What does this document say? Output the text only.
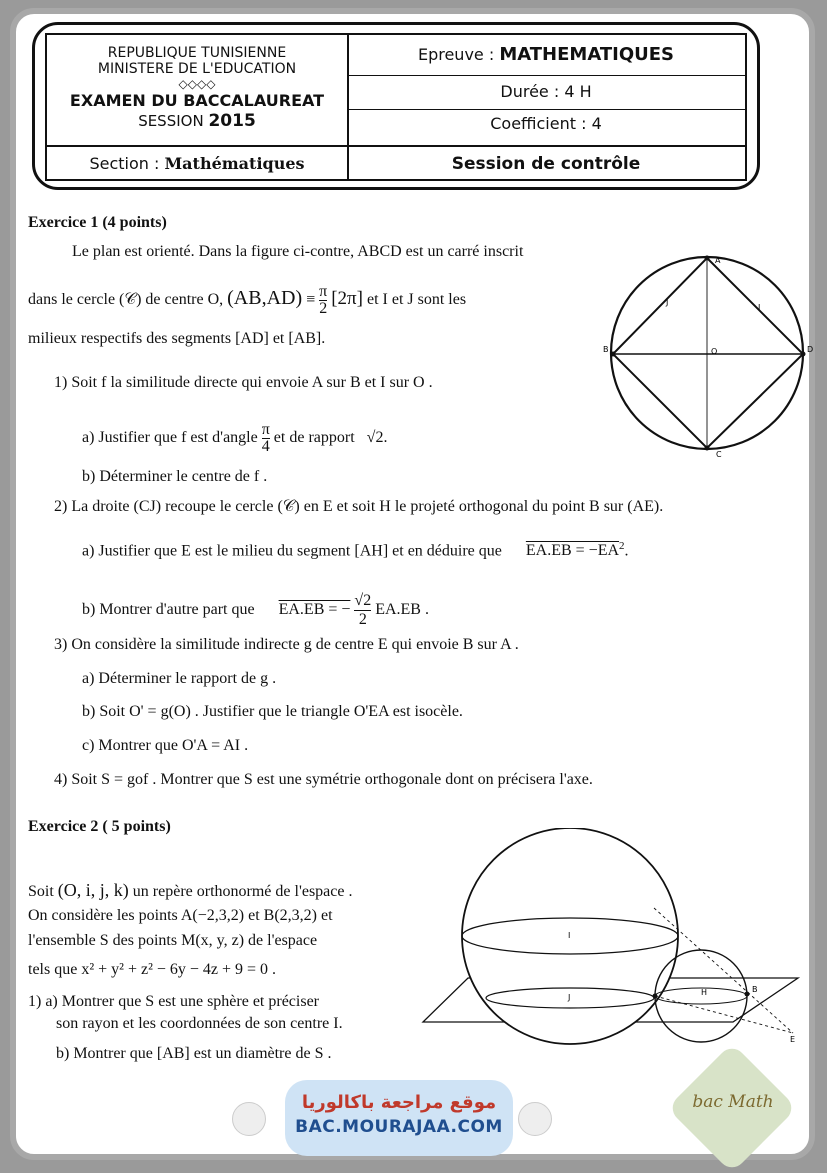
REPUBLIQUE TUNISIENNE
MINISTERE DE L'EDUCATION
◇◇◇◇
EXAMEN DU BACCALAUREAT
SESSION 2015
Epreuve : MATHEMATIQUES
Durée : 4 H
Coefficient : 4
Section : Mathématiques	Session de contrôle
Exercice 1 (4 points)
Le plan est orienté. Dans la figure ci-contre, ABCD est un carré inscrit
dans le cercle (𝒞) de centre O, $(AB,AD) \equiv \frac{\pi}{2} [2\pi]$ et I et J sont les
milieux respectifs des segments [AD] et [AB].
1) Soit f la similitude directe qui envoie A sur B et I sur O .
a) Justifier que f est d'angle $\frac{\pi}{4}$ et de rapport √2.
b) Déterminer le centre de f .
2) La droite (CJ) recoupe le cercle (𝒞) en E et soit H le projeté orthogonal du point B sur (AE).
a) Justifier que E est le milieu du segment [AH] et en déduire que $EA.EB = -EA^2$.
b) Montrer d'autre part que EA.EB = − $\frac{√2}{2} EA.EB$ .
3) On considère la similitude indirecte g de centre E qui envoie B sur A .
a) Déterminer le rapport de g .
b) Soit O' = g(O) . Justifier que le triangle O'EA est isocèle.
c) Montrer que O'A = AI .
4) Soit S = gof . Montrer que S est une symétrie orthogonale dont on précisera l'axe.
A
B
C
D
O
I
J
Exercice 2 ( 5 points)
Soit (O, i, j, k) un repère orthonormé de l'espace .
On considère les points A(−2,3,2) et B(2,3,2) et
l'ensemble S des points M(x, y, z) de l'espace
tels que x² + y² + z² − 6y − 4z + 9 = 0 .
1) a) Montrer que S est une sphère et préciser
son rayon et les coordonnées de son centre I.
b) Montrer que [AB] est un diamètre de S .
I
J
H	B
E
موقع مراجعة باكالوريا
BAC.MOURAJAA.COM
bac Math
